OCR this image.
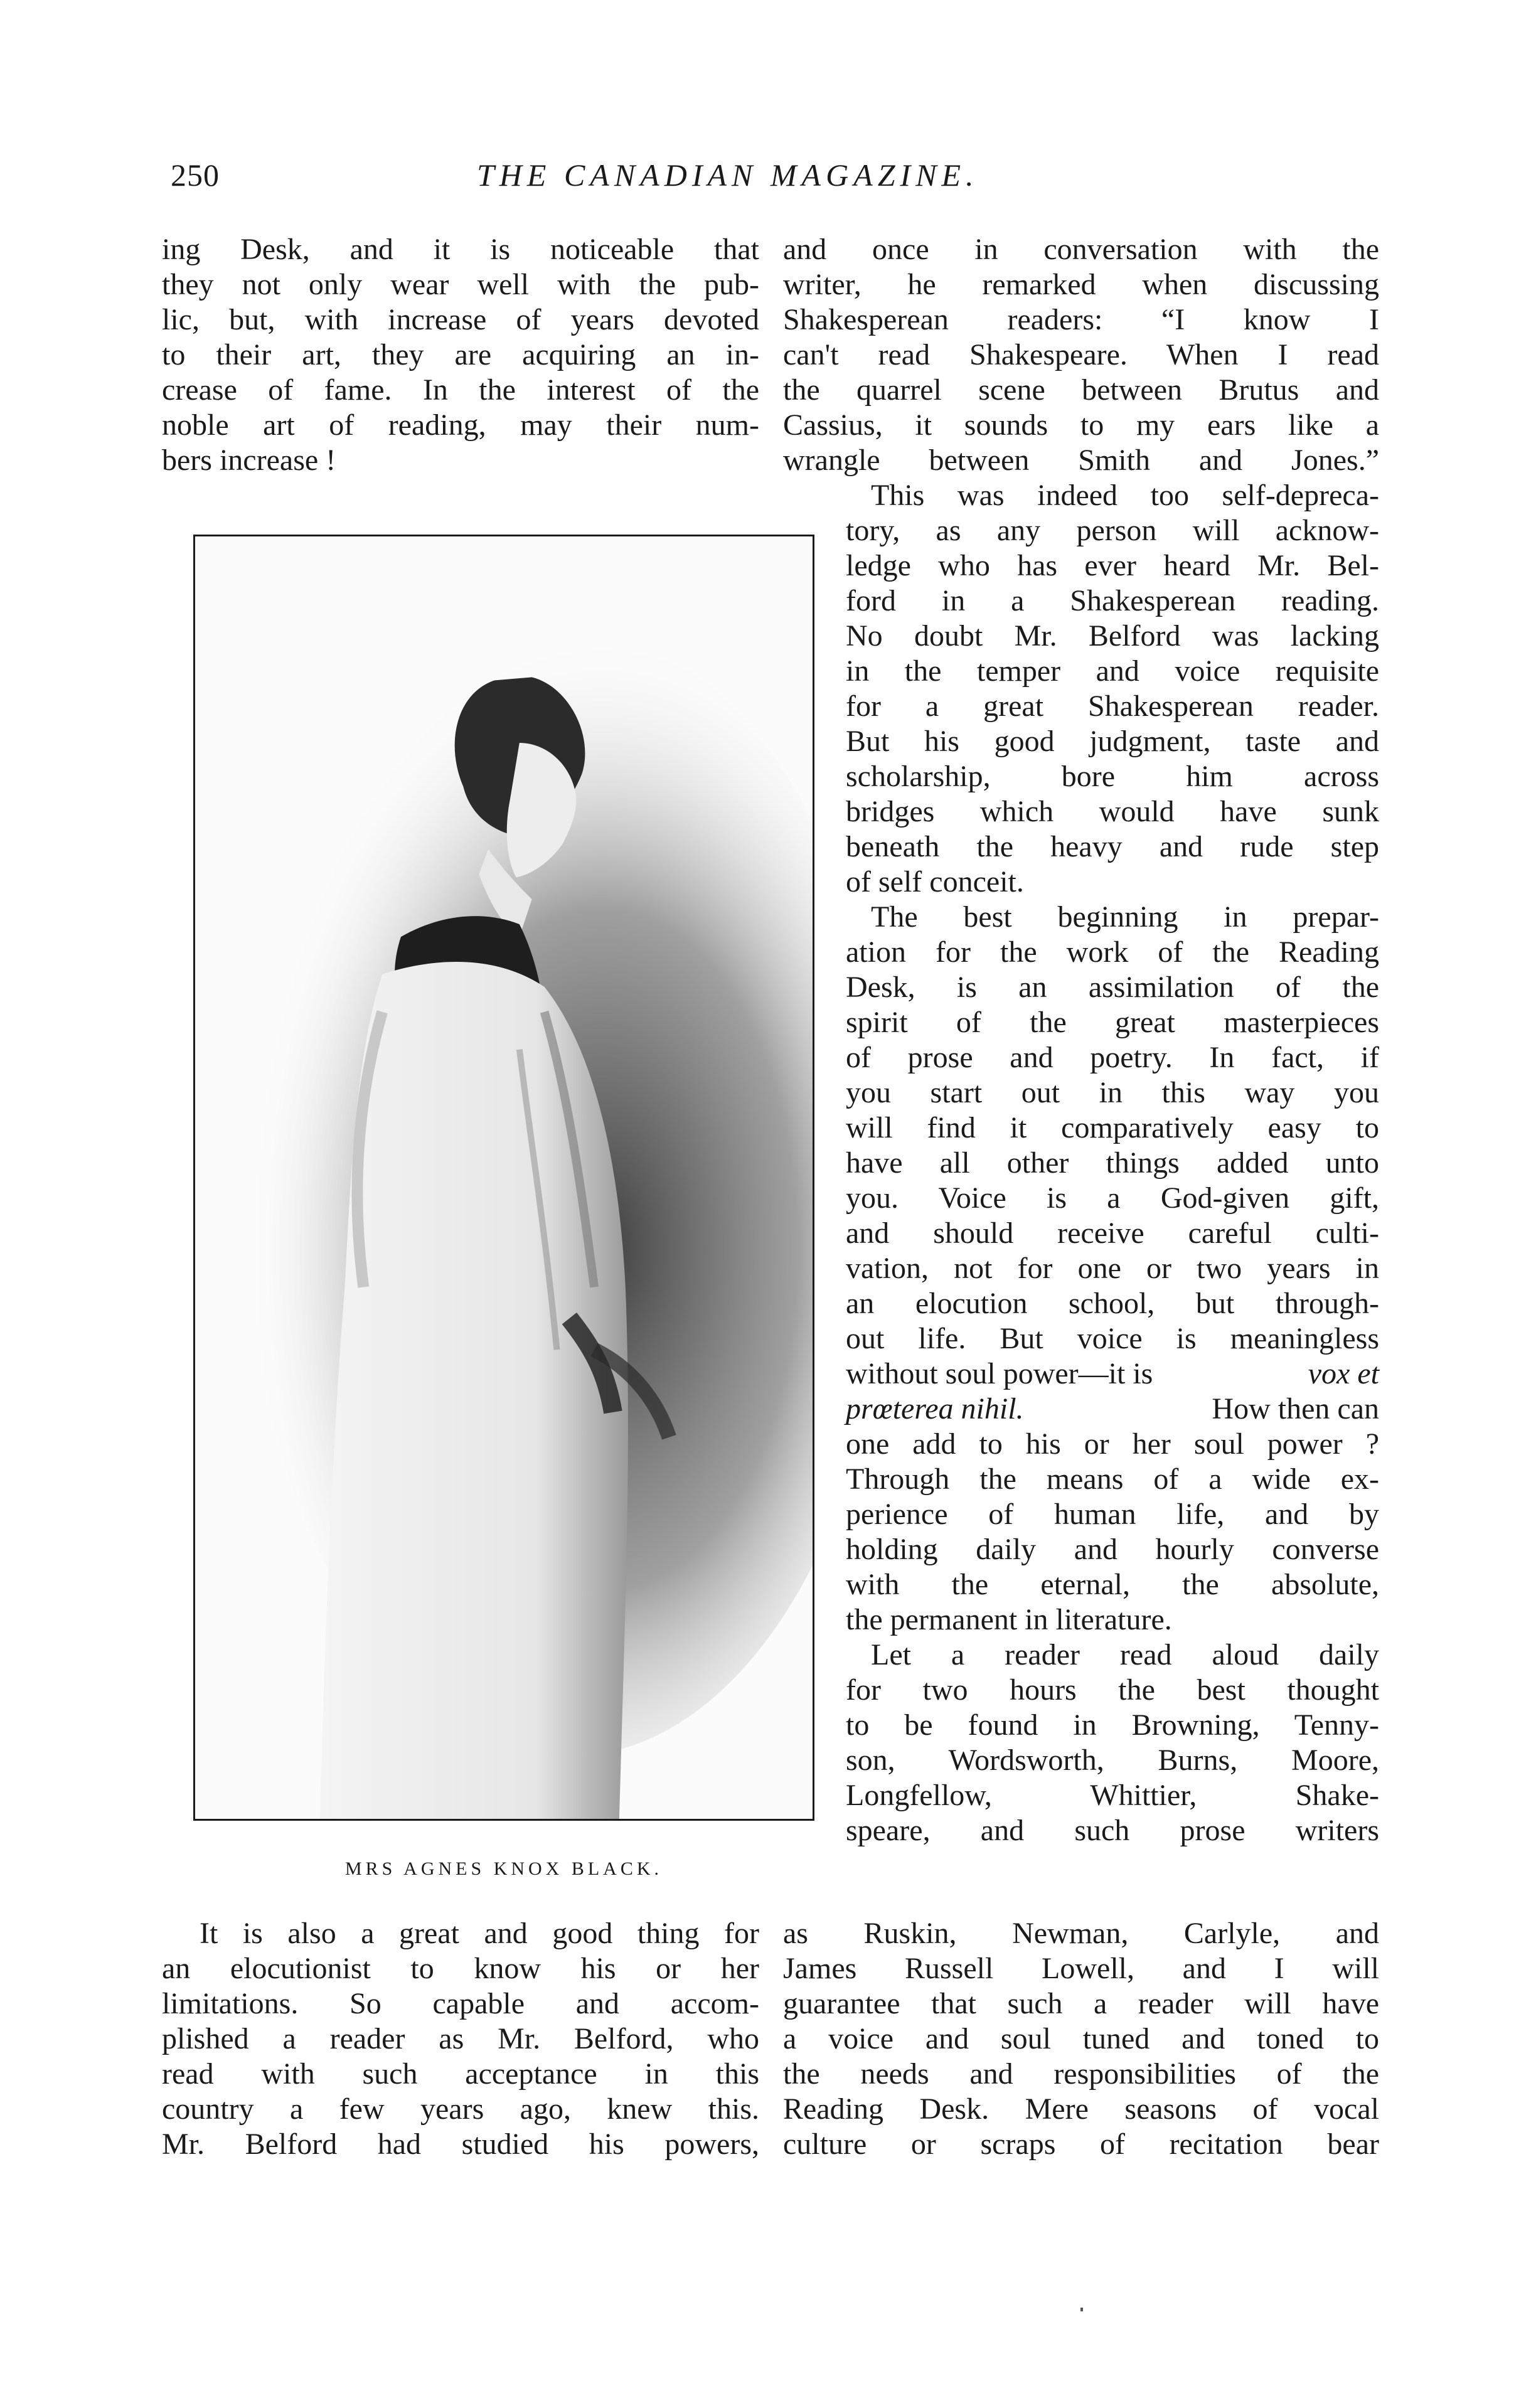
250	THE CANADIAN MAGAZINE.
ing Desk, and it is noticeable that
they not only wear well with the pub-
lic, but, with increase of years devoted
to their art, they are acquiring an in-
crease of fame. In the interest of the
noble art of reading, may their num-
bers increase !
MRS AGNES KNOX BLACK.
It is also a great and good thing for
an elocutionist to know his or her
limitations. So capable and accom-
plished a reader as Mr. Belford, who
read with such acceptance in this
country a few years ago, knew this.
Mr. Belford had studied his powers,
and once in conversation with the
writer, he remarked when discussing
Shakesperean readers: “I know I
can't read Shakespeare. When I read
the quarrel scene between Brutus and
Cassius, it sounds to my ears like a
wrangle between Smith and Jones.”
This was indeed too self-depreca-
tory, as any person will acknow-
ledge who has ever heard Mr. Bel-
ford in a Shakesperean reading.
No doubt Mr. Belford was lacking
in the temper and voice requisite
for a great Shakesperean reader.
But his good judgment, taste and
scholarship, bore him across
bridges which would have sunk
beneath the heavy and rude step
of self conceit.
The best beginning in prepar-
ation for the work of the Reading
Desk, is an assimilation of the
spirit of the great masterpieces
of prose and poetry. In fact, if
you start out in this way you
will find it comparatively easy to
have all other things added unto
you. Voice is a God-given gift,
and should receive careful culti-
vation, not for one or two years in
an elocution school, but through-
out life. But voice is meaningless
without soul power—it is	vox et
prœterea nihil.	How then can
one add to his or her soul power ?
Through the means of a wide ex-
perience of human life, and by
holding daily and hourly converse
with the eternal, the absolute,
the permanent in literature.
Let a reader read aloud daily
for two hours the best thought
to be found in Browning, Tenny-
son, Wordsworth, Burns, Moore,
Longfellow, Whittier, Shake-
speare, and such prose writers
as Ruskin, Newman, Carlyle, and
James Russell Lowell, and I will
guarantee that such a reader will have
a voice and soul tuned and toned to
the needs and responsibilities of the
Reading Desk. Mere seasons of vocal
culture or scraps of recitation bear
